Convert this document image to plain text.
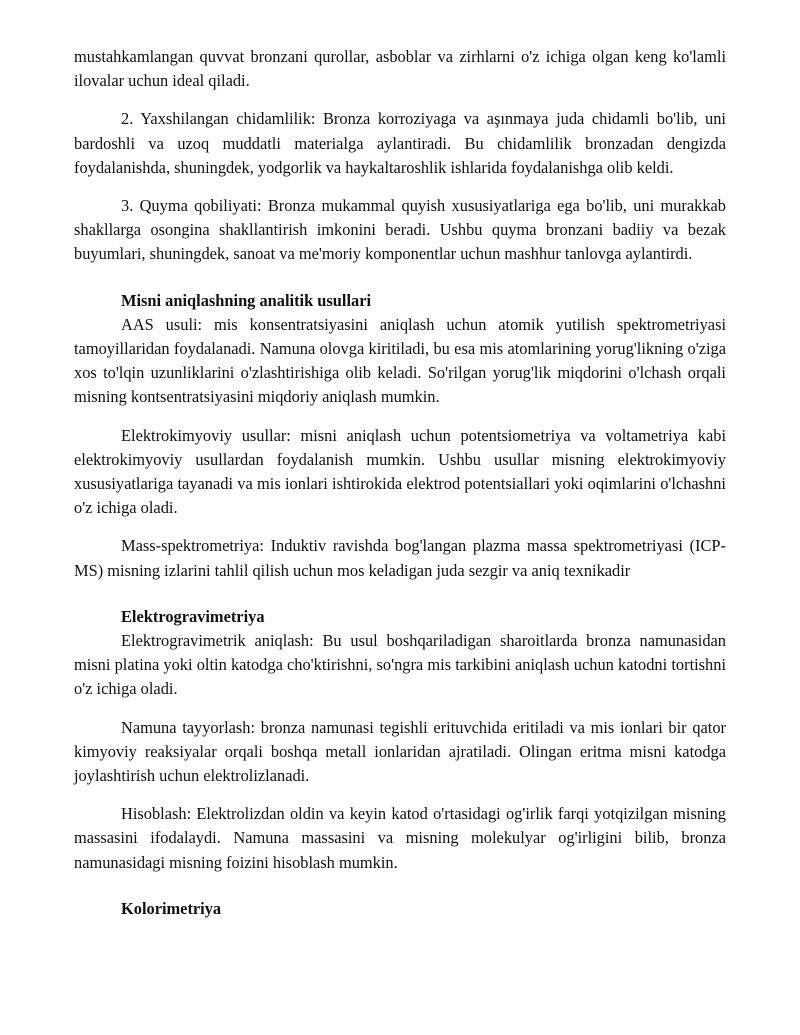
mustahkamlangan quvvat bronzani qurollar, asboblar va zirhlarni o'z ichiga olgan keng ko'lamli ilovalar uchun ideal qiladi.

2. Yaxshilangan chidamlilik: Bronza korroziyaga va aşınmaya juda chidamli bo'lib, uni bardoshli va uzoq muddatli materialga aylantiradi. Bu chidamlilik bronzadan dengizda foydalanishda, shuningdek, yodgorlik va haykaltaroshlik ishlarida foydalanishga olib keldi.

3. Quyma qobiliyati: Bronza mukammal quyish xususiyatlariga ega bo'lib, uni murakkab shakllarga osongina shakllantirish imkonini beradi. Ushbu quyma bronzani badiiy va bezak buyumlari, shuningdek, sanoat va me'moriy komponentlar uchun mashhur tanlovga aylantirdi.

Misni aniqlashning analitik usullari

AAS usuli: mis konsentratsiyasini aniqlash uchun atomik yutilish spektrometriyasi tamoyillaridan foydalanadi. Namuna olovga kiritiladi, bu esa mis atomlarining yorug'likning o'ziga xos to'lqin uzunliklarini o'zlashtirishiga olib keladi. So'rilgan yorug'lik miqdorini o'lchash orqali misning kontsentratsiyasini miqdoriy aniqlash mumkin.

Elektrokimyoviy usullar: misni aniqlash uchun potentsiometriya va voltametriya kabi elektrokimyoviy usullardan foydalanish mumkin. Ushbu usullar misning elektrokimyoviy xususiyatlariga tayanadi va mis ionlari ishtirokida elektrod potentsiallari yoki oqimlarini o'lchashni o'z ichiga oladi.

Mass-spektrometriya: Induktiv ravishda bog'langan plazma massa spektrometriyasi (ICP-MS) misning izlarini tahlil qilish uchun mos keladigan juda sezgir va aniq texnikadir

Elektrogravimetriya

Elektrogravimetrik aniqlash: Bu usul boshqariladigan sharoitlarda bronza namunasidan misni platina yoki oltin katodga cho'ktirishni, so'ngra mis tarkibini aniqlash uchun katodni tortishni o'z ichiga oladi.

Namuna tayyorlash: bronza namunasi tegishli erituvchida eritiladi va mis ionlari bir qator kimyoviy reaksiyalar orqali boshqa metall ionlaridan ajratiladi. Olingan eritma misni katodga joylashtirish uchun elektrolizlanadi.

Hisoblash: Elektrolizdan oldin va keyin katod o'rtasidagi og'irlik farqi yotqizilgan misning massasini ifodalaydi. Namuna massasini va misning molekulyar og'irligini bilib, bronza namunasidagi misning foizini hisoblash mumkin.

Kolorimetriya
